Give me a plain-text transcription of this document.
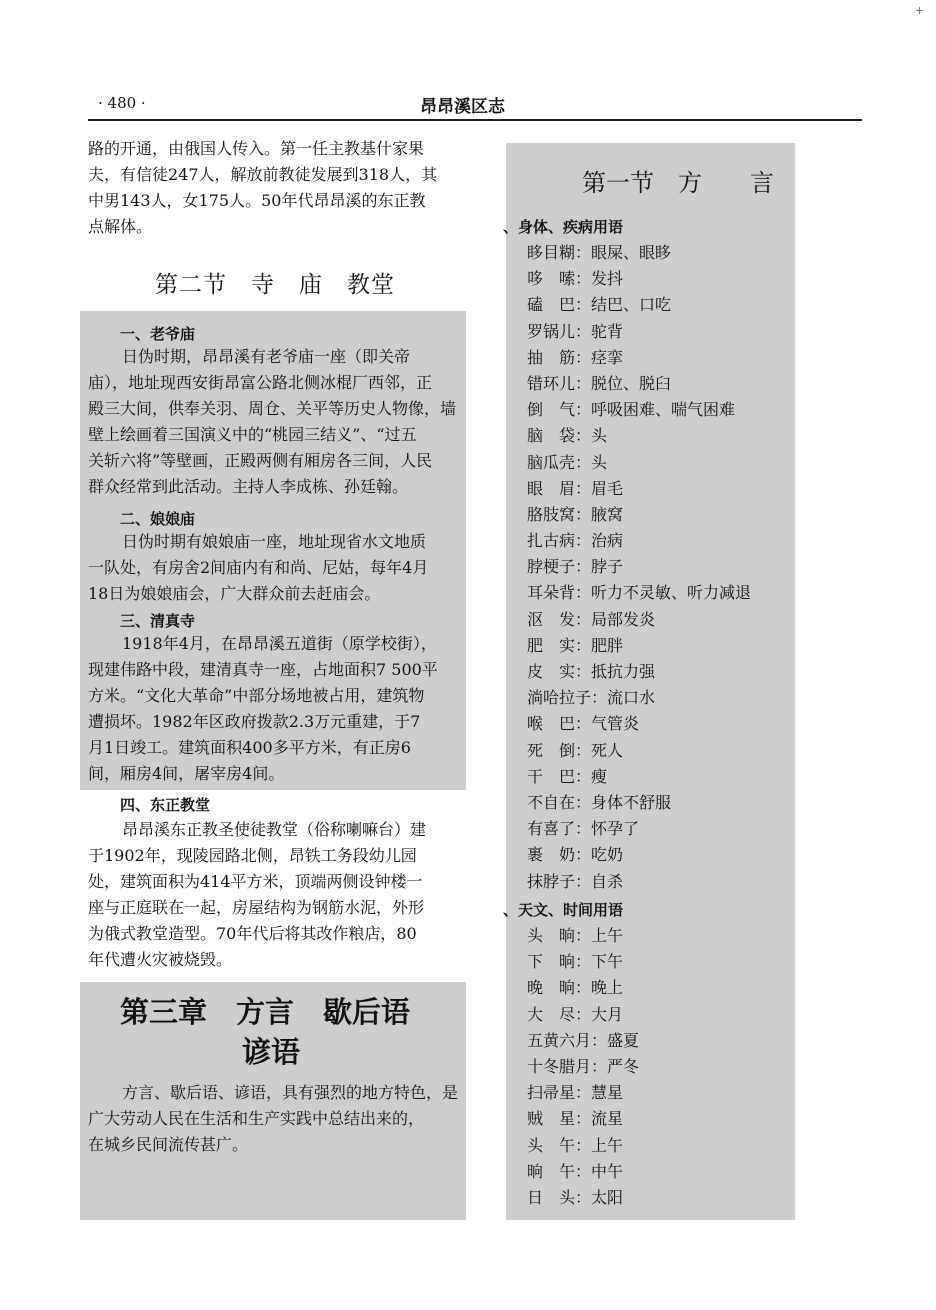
+
· 480 ·	昂昂溪区志
路的开通，由俄国人传入。第一任主教基什家果
夫，有信徒247人，解放前教徒发展到318人，其
中男143人，女175人。50年代昂昂溪的东正教
点解体。
第二节　寺　庙　教堂
一、老爷庙
日伪时期，昂昂溪有老爷庙一座（即关帝
庙），地址现西安街昂富公路北侧冰棍厂西邻，正
殿三大间，供奉关羽、周仓、关平等历史人物像，墙
壁上绘画着三国演义中的“桃园三结义”、“过五
关斩六将”等壁画，正殿两侧有厢房各三间，人民
群众经常到此活动。主持人李成栋、孙廷翰。
二、娘娘庙
日伪时期有娘娘庙一座，地址现省水文地质
一队处，有房舍2间庙内有和尚、尼姑，每年4月
18日为娘娘庙会，广大群众前去赶庙会。
三、清真寺
1918年4月，在昂昂溪五道街（原学校街），
现建伟路中段，建清真寺一座，占地面积7 500平
方米。“文化大革命”中部分场地被占用，建筑物
遭损坏。1982年区政府拨款2.3万元重建，于7
月1日竣工。建筑面积400多平方米，有正房6
间，厢房4间，屠宰房4间。
四、东正教堂
昂昂溪东正教圣使徒教堂（俗称喇嘛台）建
于1902年，现陵园路北侧，昂铁工务段幼儿园
处，建筑面积为414平方米，顶端两侧设钟楼一
座与正庭联在一起，房屋结构为钢筋水泥，外形
为俄式教堂造型。70年代后将其改作粮店，80
年代遭火灾被烧毁。
第三章　方言　歇后语
谚语
方言、歇后语、谚语，具有强烈的地方特色，是
广大劳动人民在生活和生产实践中总结出来的，
在城乡民间流传甚广。
第一节　方　　言
、身体、疾病用语
眵目糊：眼屎、眼眵
哆　嗦：发抖
磕　巴：结巴、口吃
罗锅儿：驼背
抽　筋：痉挛
错环儿：脱位、脱臼
倒　气：呼吸困难、喘气困难
脑　袋：头
脑瓜壳：头
眼　眉：眉毛
胳肢窝：腋窝
扎古病：治病
脖梗子：脖子
耳朵背：听力不灵敏、听力减退
沤　发：局部发炎
肥　实：肥胖
皮　实：抵抗力强
淌哈拉子：流口水
喉　巴：气管炎
死　倒：死人
干　巴：瘦
不自在：身体不舒服
有喜了：怀孕了
裹　奶：吃奶
抹脖子：自杀
、天文、时间用语
头　晌：上午
下　晌：下午
晚　晌：晚上
大　尽：大月
五黄六月：盛夏
十冬腊月：严冬
扫帚星：慧星
贼　星：流星
头　午：上午
晌　午：中午
日　头：太阳
